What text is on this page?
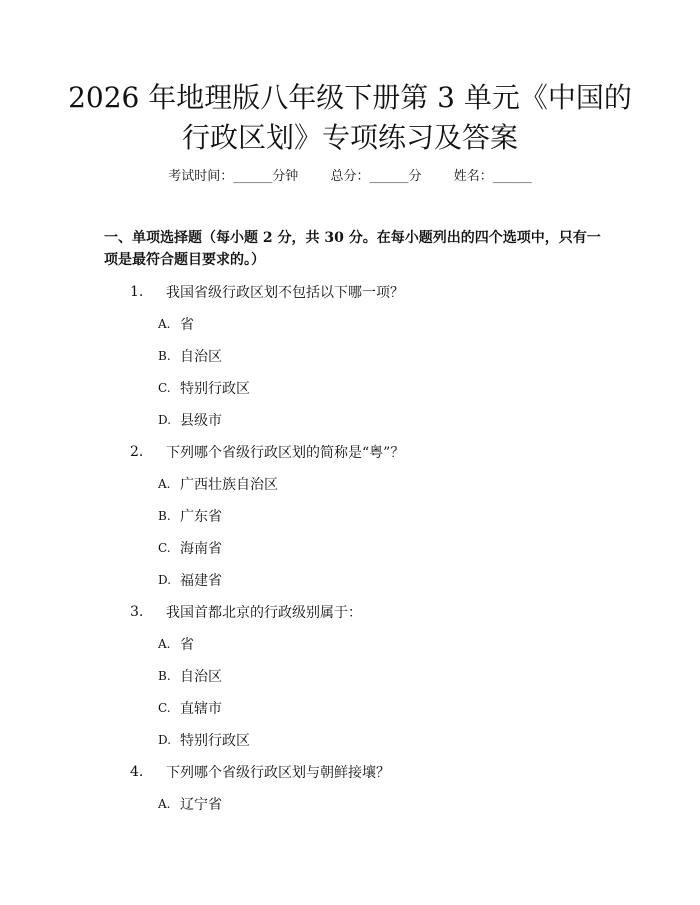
2026 年地理版八年级下册第 3 单元《中国的行政区划》专项练习及答案
考试时间：______分钟 总分：______分 姓名：______

一、单项选择题（每小题 2 分，共 30 分。在每小题列出的四个选项中，只有一项是最符合题目要求的。）

1.	我国省级行政区划不包括以下哪一项？
A. 省
B. 自治区
C. 特别行政区
D. 县级市
2.	下列哪个省级行政区划的简称是“粤”？
A. 广西壮族自治区
B. 广东省
C. 海南省
D. 福建省
3.	我国首都北京的行政级别属于：
A. 省
B. 自治区
C. 直辖市
D. 特别行政区
4.	下列哪个省级行政区划与朝鲜接壤？
A. 辽宁省
